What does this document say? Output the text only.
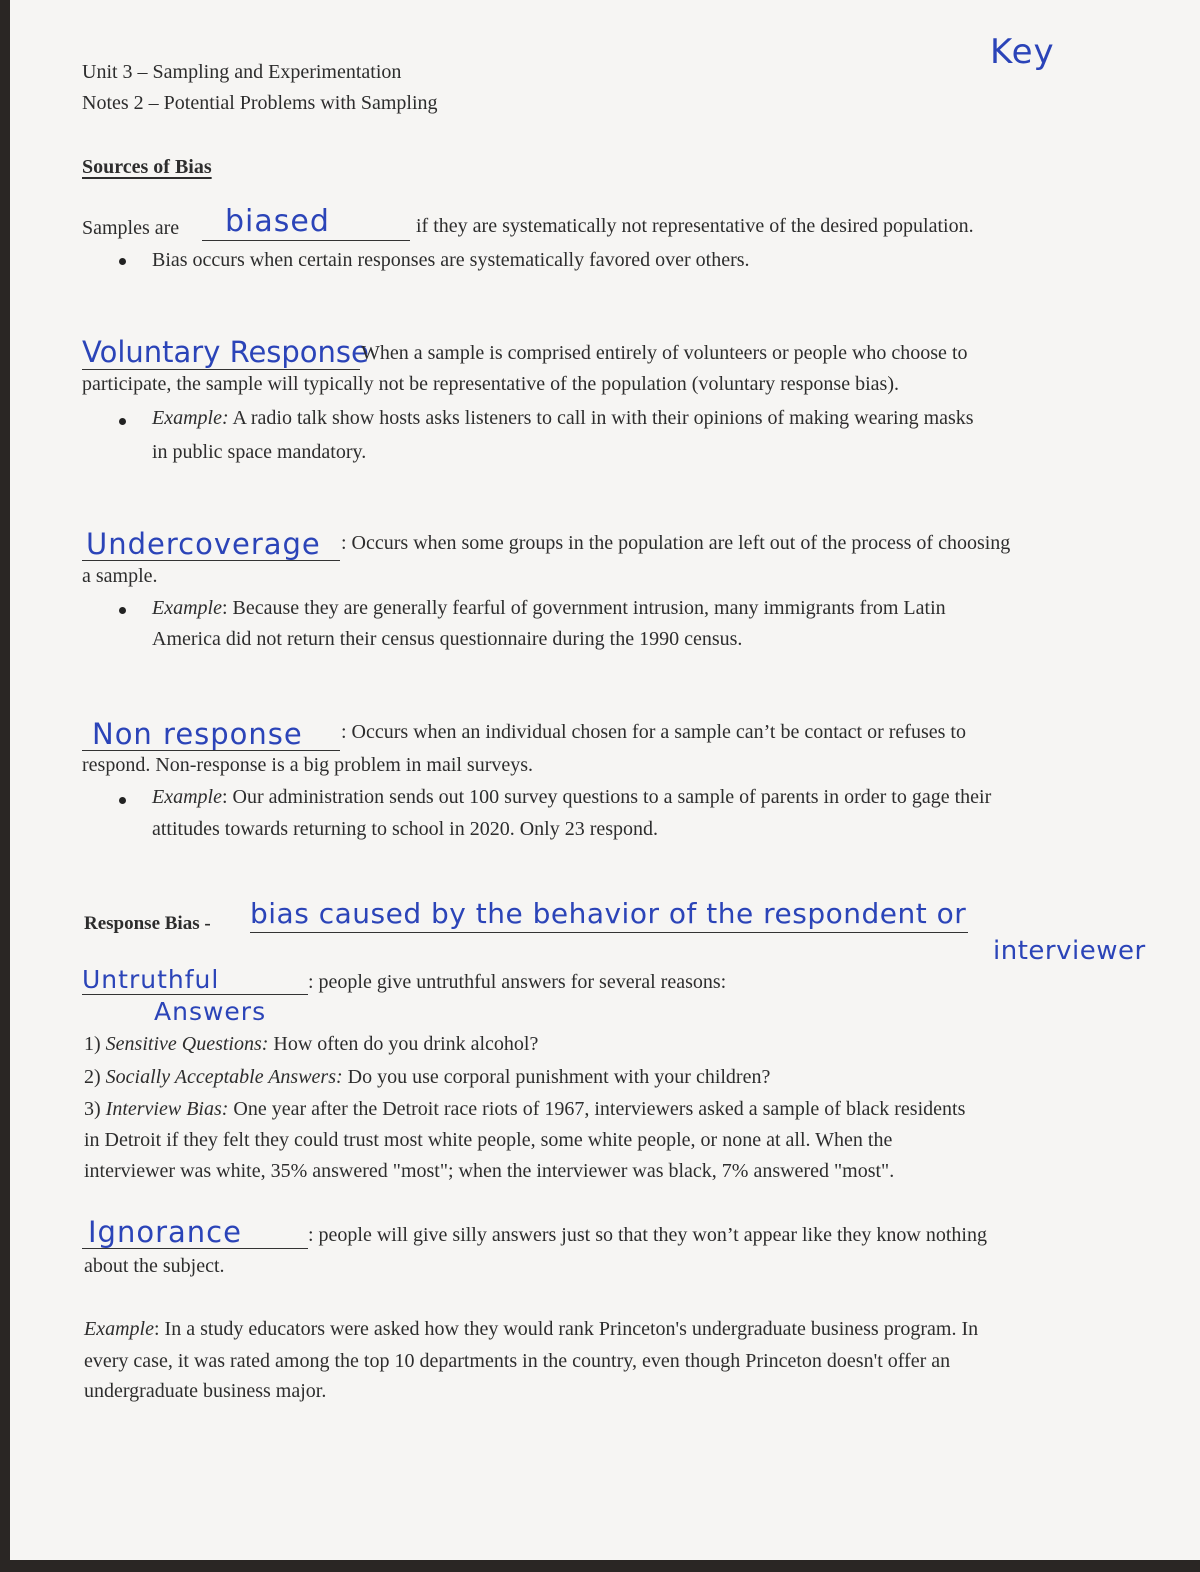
Unit 3 – Sampling and Experimentation
Notes 2 – Potential Problems with Sampling
Key
Sources of Bias
Samples are biased	if they are systematically not representative of the desired population.
Bias occurs when certain responses are systematically favored over others.
Voluntary Response
When a sample is comprised entirely of volunteers or people who choose to
participate, the sample will typically not be representative of the population (voluntary response bias).
Example: A radio talk show hosts asks listeners to call in with their opinions of making wearing masks
in public space mandatory.
Undercoverage : Occurs when some groups in the population are left out of the process of choosing
a sample.
Example: Because they are generally fearful of government intrusion, many immigrants from Latin
America did not return their census questionnaire during the 1990 census.
Non response : Occurs when an individual chosen for a sample can’t be contact or refuses to
respond. Non-response is a big problem in mail surveys.
Example: Our administration sends out 100 survey questions to a sample of parents in order to gage their
attitudes towards returning to school in 2020. Only 23 respond.
Response Bias - bias caused by the behavior of the respondent or
interviewer
Untruthful
Answers
: people give untruthful answers for several reasons:
1) Sensitive Questions: How often do you drink alcohol?
2) Socially Acceptable Answers: Do you use corporal punishment with your children?
3) Interview Bias: One year after the Detroit race riots of 1967, interviewers asked a sample of black residents
in Detroit if they felt they could trust most white people, some white people, or none at all. When the
interviewer was white, 35% answered "most"; when the interviewer was black, 7% answered "most".
Ignorance	: people will give silly answers just so that they won’t appear like they know nothing
about the subject.
Example: In a study educators were asked how they would rank Princeton's undergraduate business program. In
every case, it was rated among the top 10 departments in the country, even though Princeton doesn't offer an
undergraduate business major.
